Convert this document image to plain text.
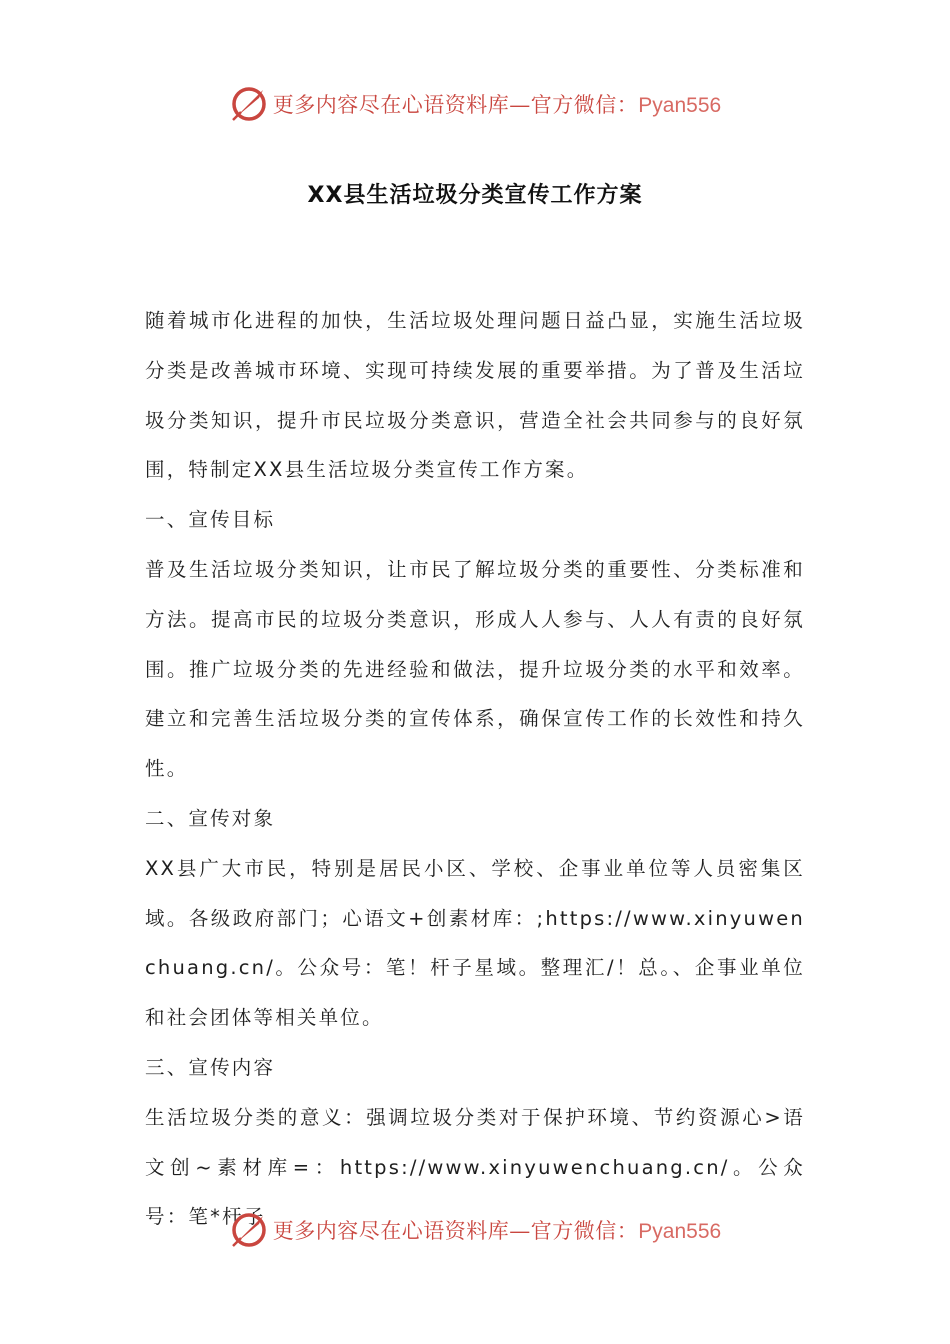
更多内容尽在心语资料库—官方微信：Pyan556
XX县生活垃圾分类宣传工作方案

随着城市化进程的加快，生活垃圾处理问题日益凸显，实施生活垃圾分类是改善城市环境、实现可持续发展的重要举措。为了普及生活垃圾分类知识，提升市民垃圾分类意识，营造全社会共同参与的良好氛围，特制定XX县生活垃圾分类宣传工作方案。

一、宣传目标

普及生活垃圾分类知识，让市民了解垃圾分类的重要性、分类标准和方法。提高市民的垃圾分类意识，形成人人参与、人人有责的良好氛围。推广垃圾分类的先进经验和做法，提升垃圾分类的水平和效率。建立和完善生活垃圾分类的宣传体系，确保宣传工作的长效性和持久性。

二、宣传对象

XX县广大市民，特别是居民小区、学校、企事业单位等人员密集区域。各级政府部门；心语文+创素材库：;https://www.xinyuwenchuang.cn/。公众号：笔！杆子星域。整理汇/！总。、企事业单位和社会团体等相关单位。

三、宣传内容

生活垃圾分类的意义：强调垃圾分类对于保护环境、节约资源心>语文创~素材库=：https://www.xinyuwenchuang.cn/。公众号：笔*杆子

更多内容尽在心语资料库—官方微信：Pyan556
